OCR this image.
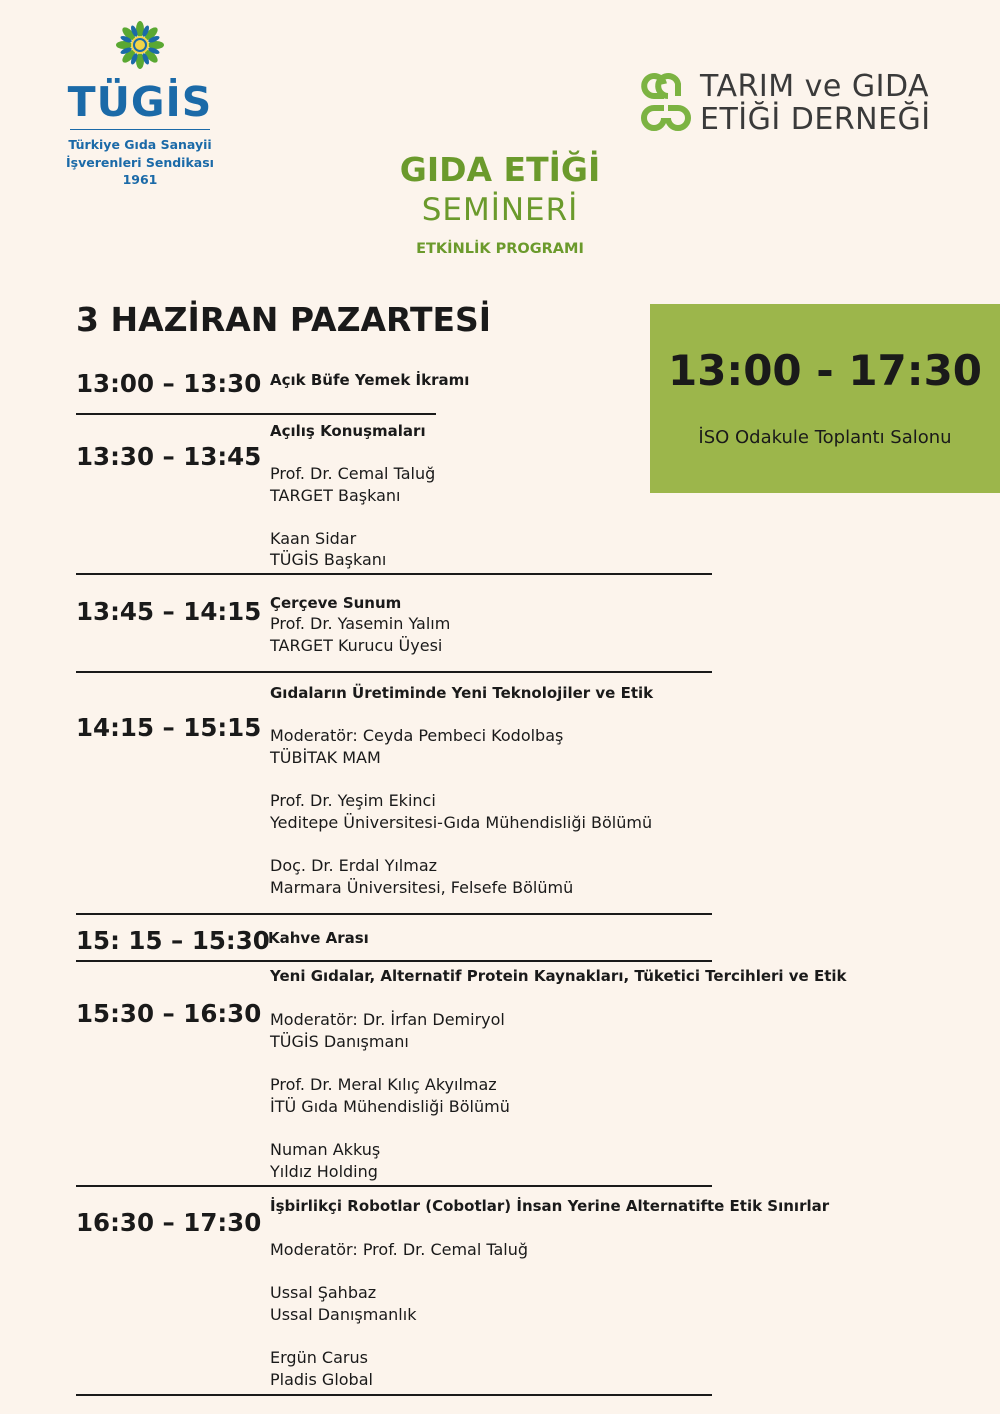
TÜGİS
Türkiye Gıda Sanayii
İşverenleri Sendikası
1961
TARIM ve GIDA
ETİĞİ DERNEĞİ
GIDA ETİĞİ
SEMİNERİ
ETKİNLİK PROGRAMI
3 HAZİRAN PAZARTESİ
13:00 - 17:30
İSO Odakule Toplantı Salonu
13:00 – 13:30 Açık Büfe Yemek İkramı
13:30 – 13:45
Açılış Konuşmaları
Prof. Dr. Cemal Taluğ
TARGET Başkanı
Kaan Sidar
TÜGİS Başkanı
13:45 – 14:15 Çerçeve Sunum
Prof. Dr. Yasemin Yalım
TARGET Kurucu Üyesi
14:15 – 15:15
Gıdaların Üretiminde Yeni Teknolojiler ve Etik
Moderatör: Ceyda Pembeci Kodolbaş
TÜBİTAK MAM
Prof. Dr. Yeşim Ekinci
Yeditepe Üniversitesi-Gıda Mühendisliği Bölümü
Doç. Dr. Erdal Yılmaz
Marmara Üniversitesi, Felsefe Bölümü
15: 15 – 15:30
Kahve Arası
15:30 – 16:30
Yeni Gıdalar, Alternatif Protein Kaynakları, Tüketici Tercihleri ve Etik
Moderatör: Dr. İrfan Demiryol
TÜGİS Danışmanı
Prof. Dr. Meral Kılıç Akyılmaz
İTÜ Gıda Mühendisliği Bölümü
Numan Akkuş
Yıldız Holding
16:30 – 17:30
İşbirlikçi Robotlar (Cobotlar) İnsan Yerine Alternatifte Etik Sınırlar
Moderatör: Prof. Dr. Cemal Taluğ
Ussal Şahbaz
Ussal Danışmanlık
Ergün Carus
Pladis Global
